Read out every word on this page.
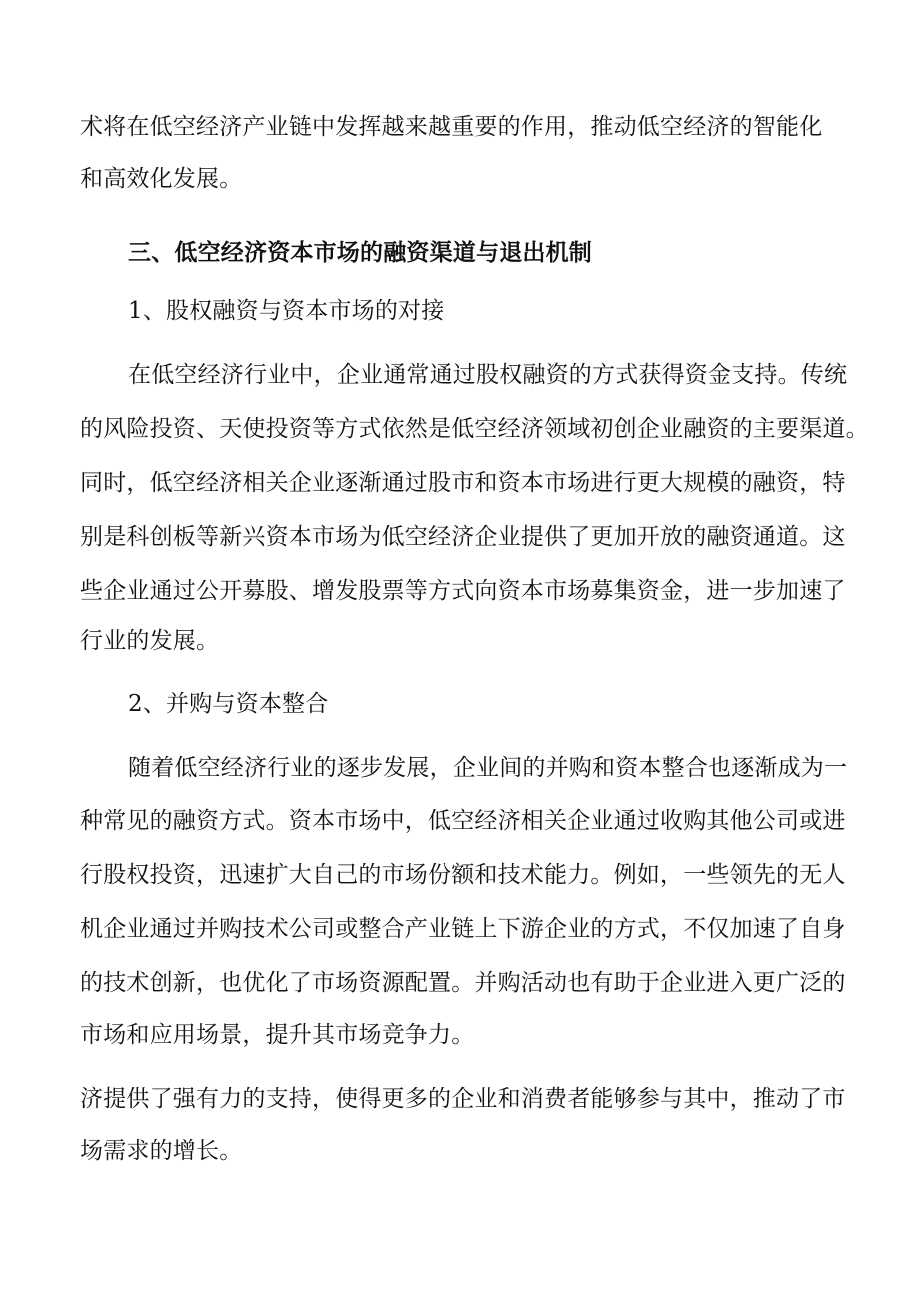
术将在低空经济产业链中发挥越来越重要的作用，推动低空经济的智能化
和高效化发展。
三、低空经济资本市场的融资渠道与退出机制
1、股权融资与资本市场的对接
在低空经济行业中，企业通常通过股权融资的方式获得资金支持。传统
的风险投资、天使投资等方式依然是低空经济领域初创企业融资的主要渠道。
同时，低空经济相关企业逐渐通过股市和资本市场进行更大规模的融资，特
别是科创板等新兴资本市场为低空经济企业提供了更加开放的融资通道。这
些企业通过公开募股、增发股票等方式向资本市场募集资金，进一步加速了
行业的发展。
2、并购与资本整合
随着低空经济行业的逐步发展，企业间的并购和资本整合也逐渐成为一
种常见的融资方式。资本市场中，低空经济相关企业通过收购其他公司或进
行股权投资，迅速扩大自己的市场份额和技术能力。例如，一些领先的无人
机企业通过并购技术公司或整合产业链上下游企业的方式，不仅加速了自身
的技术创新，也优化了市场资源配置。并购活动也有助于企业进入更广泛的
市场和应用场景，提升其市场竞争力。
济提供了强有力的支持，使得更多的企业和消费者能够参与其中，推动了市
场需求的增长。
